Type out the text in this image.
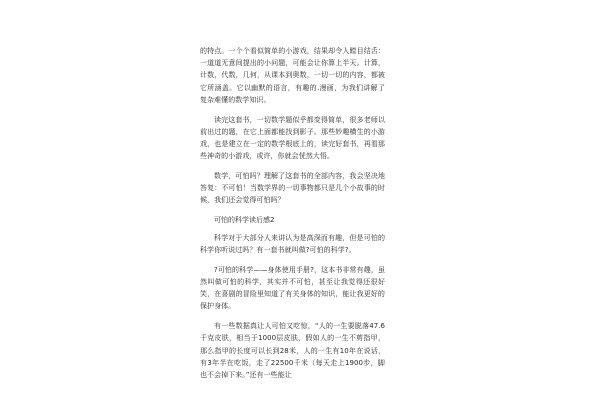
的特点。一个个看似简单的小游戏，结果却令人瞠目结舌：一道道无意间提出的小问题，可能会让你算上半天。计算，计数，代数，几何，从课本到奥数，一切一切的内容，都被它所涵盖。它以幽默的语言，有趣的.漫画，为我们讲解了复杂难懂的数学知识。

读完这套书，一切数学题似乎都变得简单，很多老师以前出过的题，在它上面都能找到影子。那些妙趣横生的小游戏，也是建立在一定的数学根底上的，读完好套书，再看那些神奇的小游戏，或许，你就会恍然大悟。

数学，可怕吗？理解了这套书的全部内容，我会坚决地答复：不可怕！当数学界的一切事物都只是几个小故事的时候，我们还会觉得可怕吗？

可怕的科学读后感2

科学对于大部分人来讲认为是高深而有趣，但是可怕的科学你听说过吗？有一套书就叫做?可怕的科学?。

?可怕的科学——身体使用手册?，这本书非常有趣，虽然叫做可怕的科学，其实并不可怕，甚至让我觉得还很好笑，在喜剧的冒险里知道了有关身体的知识，能让我更好的保护身体。

有一些数据真让人可怕又吃惊，“人的一生要脱落47.6千克皮肤，相当于1000层皮肤，假如人的一生不剪指甲，那么指甲的长度可以长到28米，人的一生有10年在说话，有3年半在吃饭，走了22500千米（每天走上1900步，脚也不会掉下来。”还有一些能让
